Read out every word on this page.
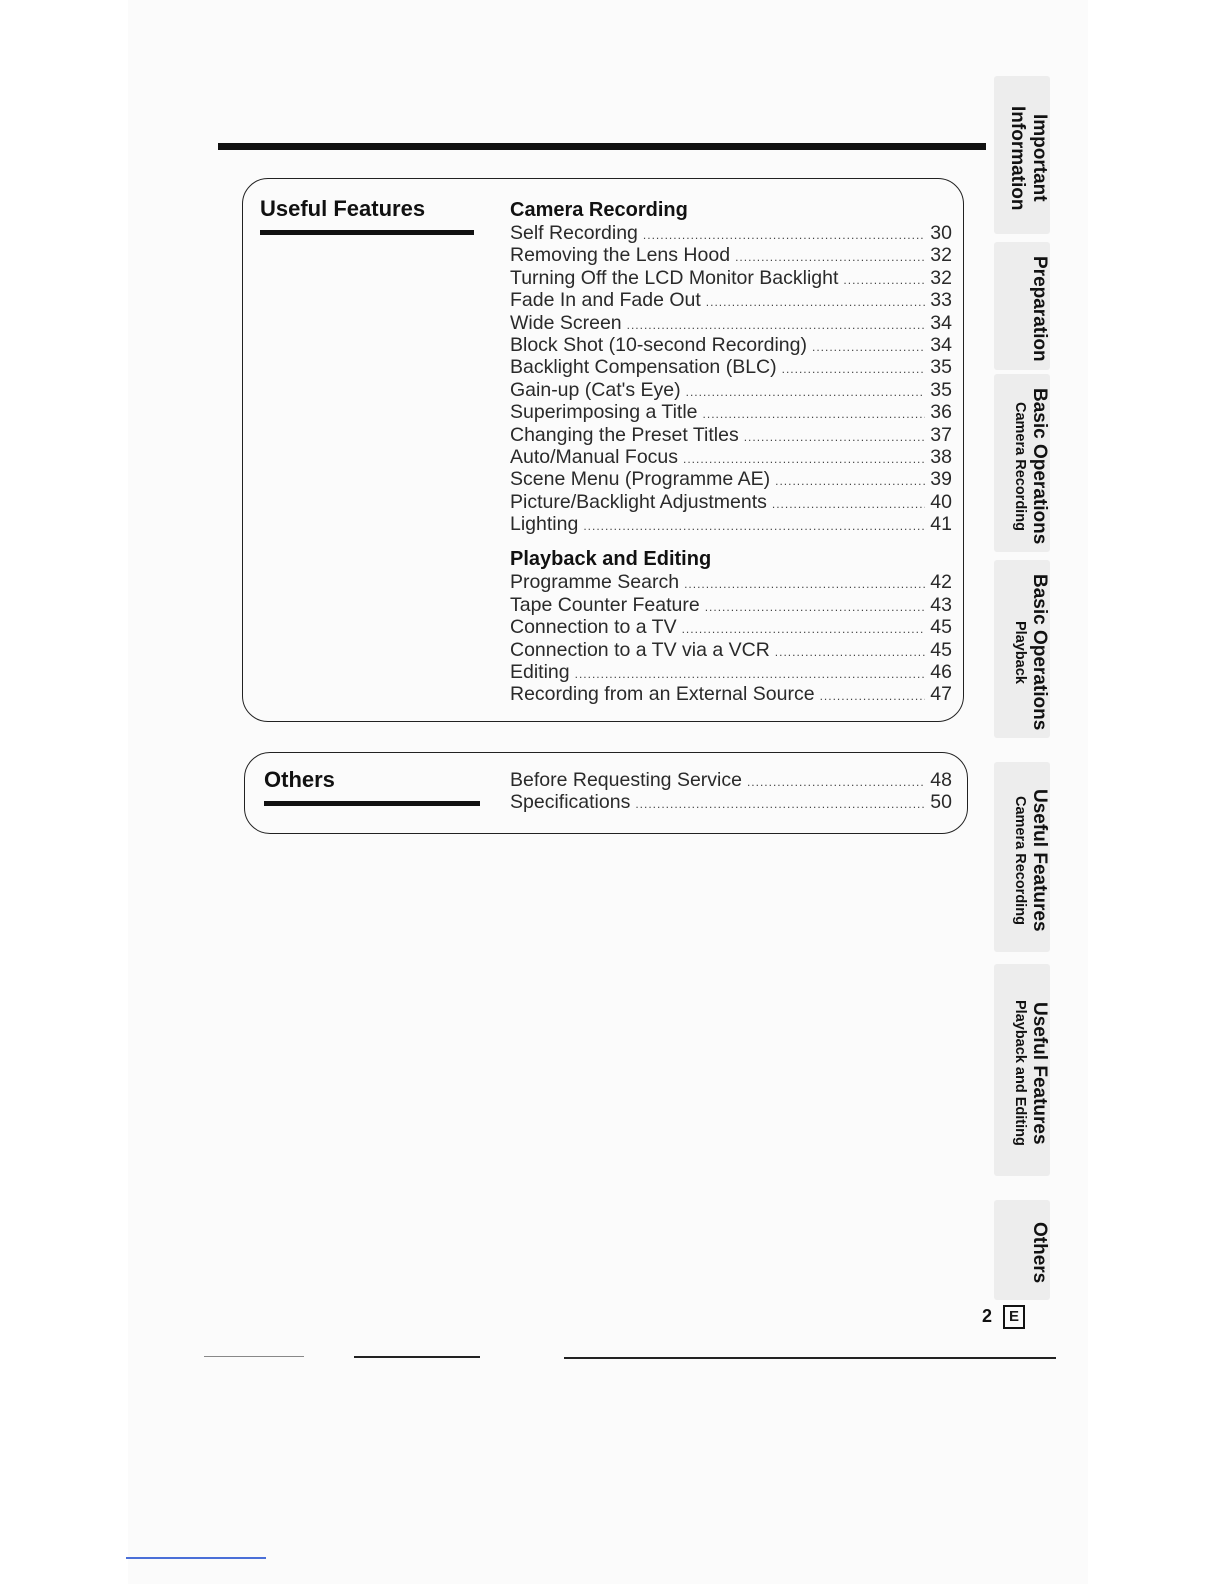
Useful Features	Camera Recording
Self Recording .....	30
Removing the Lens Hood .....	32
Turning Off the LCD Monitor Backlight .....	32
Fade In and Fade Out .....	33
Wide Screen .....	34
Block Shot (10-second Recording) .....	34
Backlight Compensation (BLC) .....	35
Gain-up (Cat's Eye) .....	35
Superimposing a Title .....	36
Changing the Preset Titles .....	37
Auto/Manual Focus .....	38
Scene Menu (Programme AE) .....	39
Picture/Backlight Adjustments .....	40
Lighting .....	41
Playback and Editing
Programme Search .....	42
Tape Counter Feature .....	43
Connection to a TV .....	45
Connection to a TV via a VCR .....	45
Editing .....	46
Recording from an External Source .....	47
Others	Before Requesting Service .....	48
Specifications .....	50
Important
Information
Preparation
Basic Operations
Camera Recording
Basic Operations
Playback
Useful Features
Camera Recording
Useful Features
Playback and Editing
Others
2	E
